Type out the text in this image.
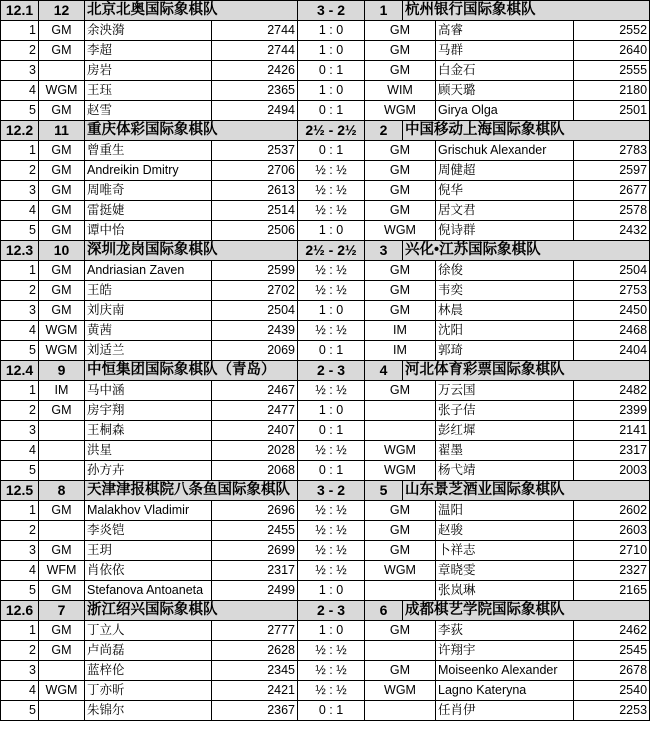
12.1	12	北京北奥国际象棋队		3 - 2	1	杭州银行国际象棋队		
1	GM	余泱漪	2744	1 : 0	GM		高睿	2552
2	GM	李超	2744	1 : 0	GM		马群	2640
3		房岩	2426	0 : 1	GM		白金石	2555
4	WGM	王珏	2365	1 : 0	WIM		顾天璐	2180
5	GM	赵雪	2494	0 : 1	WGM		Girya Olga	2501
12.2	11	重庆体彩国际象棋队		2½ - 2½	2	中国移动上海国际象棋队		
1	GM	曾重生	2537	0 : 1	GM		Grischuk Alexander	2783
2	GM	Andreikin Dmitry	2706	½ : ½	GM		周健超	2597
3	GM	周唯奇	2613	½ : ½	GM		倪华	2677
4	GM	雷挺婕	2514	½ : ½	GM		居文君	2578
5	GM	谭中怡	2506	1 : 0	WGM		倪诗群	2432
12.3	10	深圳龙岗国际象棋队		2½ - 2½	3	兴化•江苏国际象棋队		
1	GM	Andriasian Zaven	2599	½ : ½	GM		徐俊	2504
2	GM	王皓	2702	½ : ½	GM		韦奕	2753
3	GM	刘庆南	2504	1 : 0	GM		林晨	2450
4	WGM	黄茜	2439	½ : ½	IM		沈阳	2468
5	WGM	刘适兰	2069	0 : 1	IM		郭琦	2404
12.4	9	中恒集团国际象棋队（青岛）		2 - 3	4	河北体育彩票国际象棋队		
1	IM	马中涵	2467	½ : ½	GM		万云国	2482
2	GM	房宇翔	2477	1 : 0			张子佶	2399
3		王桐森	2407	0 : 1			彭红墀	2141
4		洪星	2028	½ : ½	WGM		翟墨	2317
5		孙方卉	2068	0 : 1	WGM		杨弋靖	2003
12.5	8	天津津报棋院八条鱼国际象棋队		3 - 2	5	山东景芝酒业国际象棋队		
1	GM	Malakhov Vladimir	2696	½ : ½	GM		温阳	2602
2		李炎铠	2455	½ : ½	GM		赵骏	2603
3	GM	王玥	2699	½ : ½	GM		卜祥志	2710
4	WFM	肖依依	2317	½ : ½	WGM		章晓雯	2327
5	GM	Stefanova Antoaneta	2499	1 : 0			张岚琳	2165
12.6	7	浙江绍兴国际象棋队		2 - 3	6	成都棋艺学院国际象棋队		
1	GM	丁立人	2777	1 : 0	GM		李荻	2462
2	GM	卢尚磊	2628	½ : ½			许翔宇	2545
3		蓝梓伦	2345	½ : ½	GM		Moiseenko Alexander	2678
4	WGM	丁亦昕	2421	½ : ½	WGM		Lagno Kateryna	2540
5		朱锦尔	2367	0 : 1			任肖伊	2253
